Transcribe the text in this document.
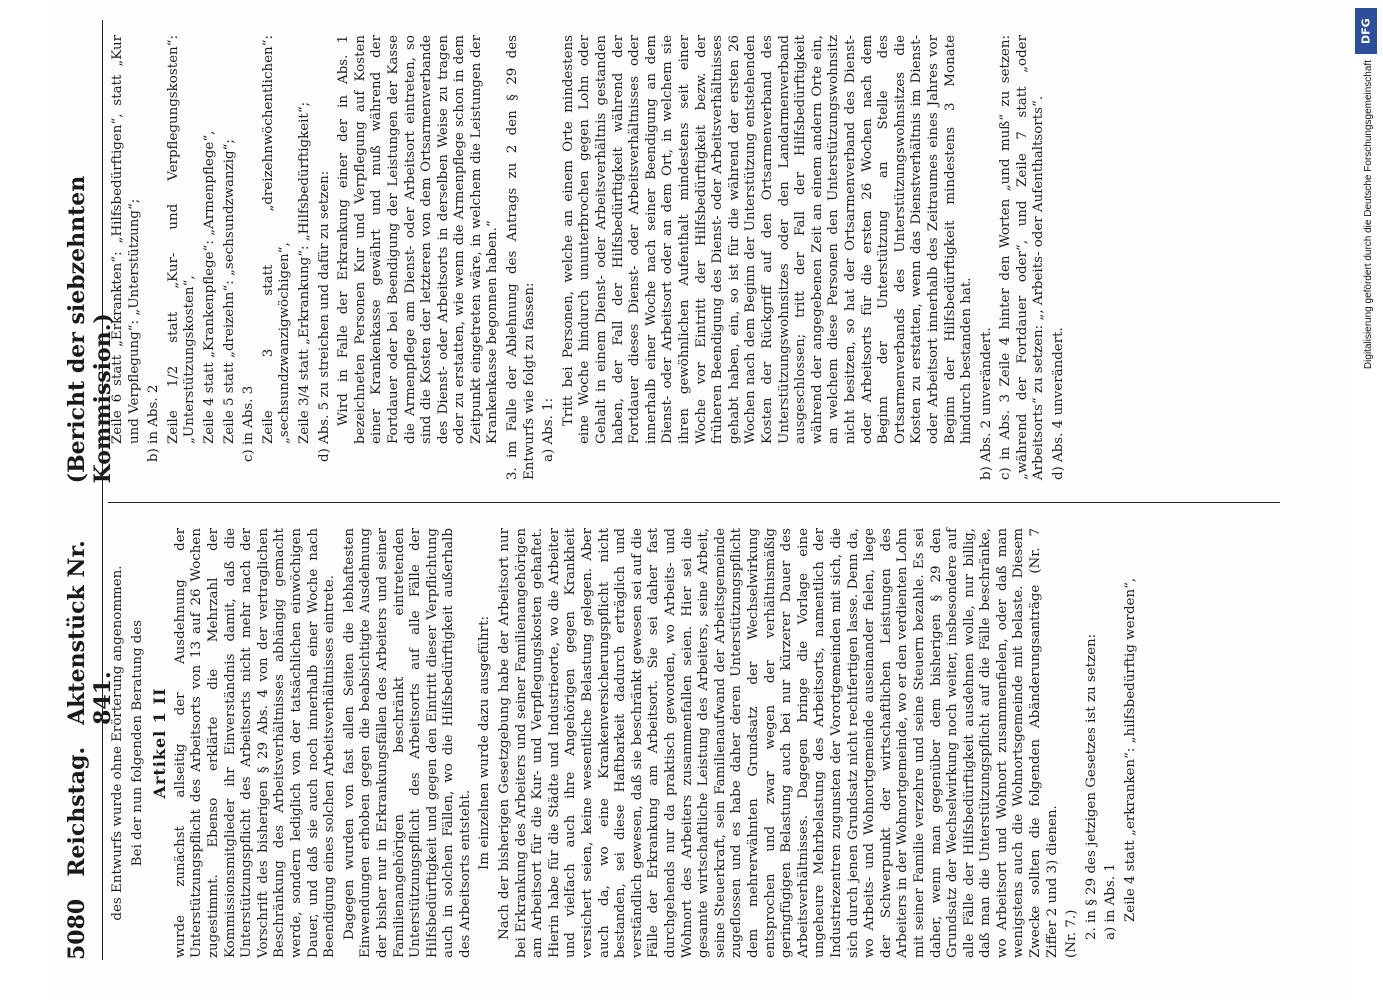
5080
Reichstag.
Aktenstück Nr. 841.
(Bericht der siebzehnten Kommission.)

des Entwurfs wurde ohne Erörterung angenommen. Bei der nun folgenden Beratung des Artikel 1 II wurde zunächst allseitig der Ausdehnung der Unterstützungspflicht des Arbeitsorts von 13 auf 26 Wochen zugestimmt. Ebenso erklärte die Mehrzahl der Kommissionsmitglieder ihr Einverständnis damit, daß die Unterstützungspflicht des Arbeitsorts nicht mehr nach der Vorschrift des bisherigen § 29 Abs. 4 von der vertraglichen Beschränkung des Arbeitsverhältnisses abhängig gemacht werde, sondern lediglich von der tatsächlichen einwöchigen Dauer, und daß sie auch noch innerhalb einer Woche nach Beendigung eines solchen Arbeitsverhältnisses eintrete. Dagegen wurden von fast allen Seiten die lebhaftesten Einwendungen erhoben gegen die beabsichtigte Ausdehnung der bisher nur in Erkrankungsfällen des Arbeiters und seiner Familienangehörigen beschränkt eintretenden Unterstützungspflicht des Arbeitsorts auf alle Fälle der Hilfsbedürftigkeit und gegen den Eintritt dieser Verpflichtung auch in solchen Fällen, wo die Hilfsbedürftigkeit außerhalb des Arbeitsorts entsteht.

Im einzelnen wurde dazu ausgeführt: Nach der bisherigen Gesetzgebung habe der Arbeitsort nur bei Erkrankung des Arbeiters und seiner Familienangehörigen am Arbeitsort für die Kur- und Verpflegungskosten gehaftet. Hierin habe für die Städte und Industrieorte, wo die Arbeiter und vielfach auch ihre Angehörigen gegen Krankheit versichert seien, keine wesentliche Belastung gelegen. Aber auch da, wo eine Krankenversicherungspflicht nicht bestanden, sei diese Haftbarkeit dadurch erträglich und verständlich gewesen, daß sie beschränkt gewesen sei auf die Fälle der Erkrankung am Arbeitsort. Sie sei daher fast durchgehends nur da praktisch geworden, wo Arbeits- und Wohnort des Arbeiters zusammenfallen seien. Hier sei die gesamte wirtschaftliche Leistung des Arbeiters, seine Arbeit, seine Steuerkraft, sein Familienaufwand der Arbeitsgemeinde zugeflossen und es habe daher deren Unterstützungspflicht dem mehrerwähnten Grundsatz der Wechselwirkung entsprochen und zwar wegen der verhältnismäßig geringfügigen Belastung auch bei nur kürzerer Dauer des Arbeitsverhältnisses. Dagegen bringe die Vorlage eine ungeheure Mehrbelastung des Arbeitsorts, namentlich der Industriezentren zugunsten der Vorortgemeinden mit sich, die sich durch jenen Grundsatz nicht rechtfertigen lasse. Denn da, wo Arbeits- und Wohnortgemeinde auseinander fielen, liege der Schwerpunkt der wirtschaftlichen Leistungen des Arbeiters in der Wohnortgemeinde, wo er den verdienten Lohn mit seiner Familie verzehre und seine Steuern bezahle. Es sei daher, wenn man gegenüber dem bisherigen § 29 den Grundsatz der Wechselwirkung noch weiter, insbesondere auf alle Fälle der Hilfsbedürftigkeit ausdehnen wolle, nur billig, daß man die Unterstützungspflicht auf die Fälle beschränke, wo Arbeitsort und Wohnort zusammenfielen, oder daß man wenigstens auch die Wohnortsgemeinde mit belaste. Diesem Zwecke sollten die folgenden Abänderungsanträge (Nr. 7 Ziffer 2 und 3) dienen. (Nr. 7.) 2. in § 29 des jetzigen Gesetzes ist zu setzen: a) in Abs. 1 Zeile 4 statt „erkranken“: „hilfsbedürftig werden“,

Zeile 6 statt „Erkrankten“: „Hilfsbedürftigen“, statt „Kur und Verpflegung“: „Unterstützung“; b) in Abs. 2 Zeile 1/2 statt „Kur- und Verpflegungskosten“: „Unterstützungskosten“, Zeile 4 statt „Krankenpflege“: „Armenpflege“, Zeile 5 statt „dreizehn“: „sechsundzwanzig“; c) in Abs. 3 Zeile 3 statt „dreizehnwöchentlichen“: „sechsundzwanzigwöchigen“, Zeile 3/4 statt „Erkrankung“: „Hilfsbedürftigkeit“; d) Abs. 5 zu streichen und dafür zu setzen: Wird in Falle der Erkrankung einer der in Abs. 1 bezeichneten Personen Kur und Verpflegung auf Kosten einer Krankenkasse gewährt und muß während der Fortdauer oder bei Beendigung der Leistungen der Kasse die Armenpflege am Dienst- oder Arbeitsort eintreten, so sind die Kosten der letzteren von dem Ortsarmenverbande des Dienst- oder Arbeitsorts in derselben Weise zu tragen oder zu erstatten, wie wenn die Armenpflege schon in dem Zeitpunkt eingetreten wäre, in welchem die Leistungen der Krankenkasse begonnen haben.“ 3. im Falle der Ablehnung des Antrags zu 2 den § 29 des Entwurfs wie folgt zu fassen: a) Abs. 1:

Tritt bei Personen, welche an einem Orte mindestens eine Woche hindurch ununterbrochen gegen Lohn oder Gehalt in einem Dienst- oder Arbeitsverhältnis gestanden haben, der Fall der Hilfsbedürftigkeit während der Fortdauer dieses Dienst- oder Arbeitsverhältnisses oder innerhalb einer Woche nach seiner Beendigung an dem Dienst- oder Arbeitsort oder an dem Ort, in welchem sie ihren gewöhnlichen Aufenthalt mindestens seit einer Woche vor Eintritt der Hilfsbedürftigkeit bezw. der früheren Beendigung des Dienst- oder Arbeitsverhältnisses gehabt haben, ein, so ist für die während der ersten 26 Wochen nach dem Beginn der Unterstützung entstehenden Kosten der Rückgriff auf den Ortsarmenverband des Unterstützungswohnsitzes oder den Landarmenverband ausgeschlossen; tritt der Fall der Hilfsbedürftigkeit während der angegebenen Zeit an einem andern Orte ein, an welchem diese Personen den Unterstützungswohnsitz nicht besitzen, so hat der Ortsarmenverband des Dienst- oder Arbeitsorts für die ersten 26 Wochen nach dem Beginn der Unterstützung an Stelle des Ortsarmenverbands des Unterstützungswohnsitzes die Kosten zu erstatten, wenn das Dienstverhältnis im Dienst- oder Arbeitsort innerhalb des Zeitraumes eines Jahres vor Beginn der Hilfsbedürftigkeit mindestens 3 Monate hindurch bestanden hat. b) Abs. 2 unverändert. c) in Abs. 3 Zeile 4 hinter den Worten „und muß“ zu setzen: „während der Fortdauer oder“, und Zeile 7 statt „oder Arbeitsorts“ zu setzen: „, Arbeits- oder Aufenthaltsorts“. d) Abs. 4 unverändert.

DFG
Digitalisierung gefördert durch die Deutsche Forschungsgemeinschaft
